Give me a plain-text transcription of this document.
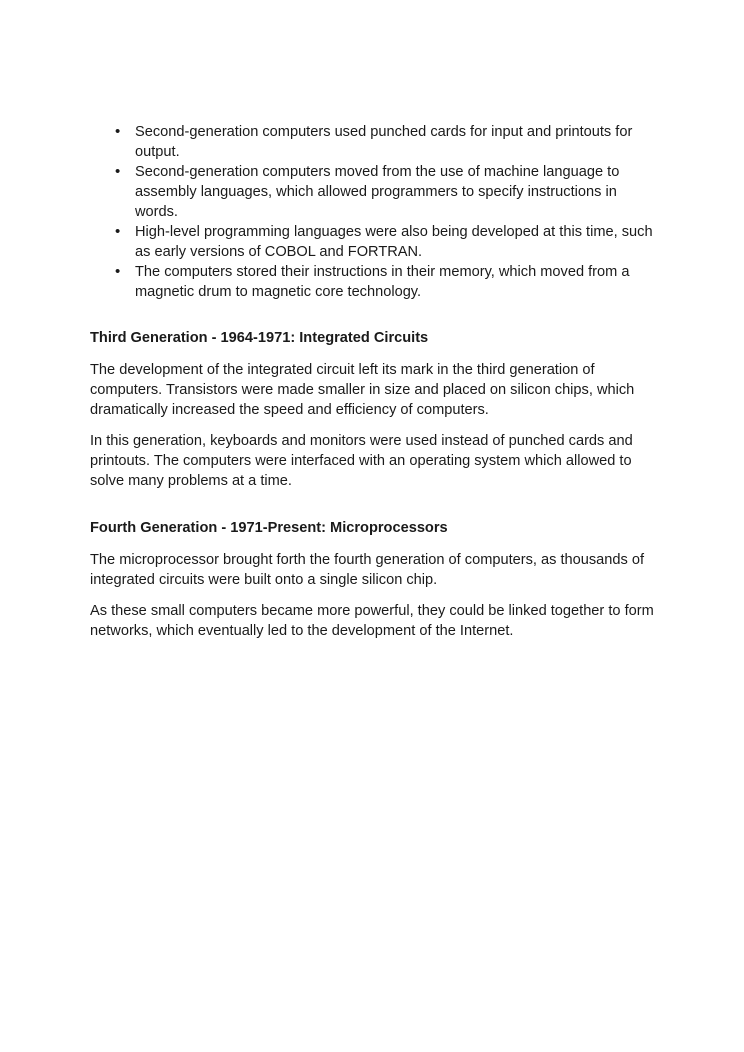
• Second-generation computers used punched cards for input and printouts for output.
• Second-generation computers moved from the use of machine language to assembly languages, which allowed programmers to specify instructions in words.
• High-level programming languages were also being developed at this time, such as early versions of COBOL and FORTRAN.
• The computers stored their instructions in their memory, which moved from a magnetic drum to magnetic core technology.
Third Generation - 1964-1971: Integrated Circuits

The development of the integrated circuit left its mark in the third generation of computers. Transistors were made smaller in size and placed on silicon chips, which dramatically increased the speed and efficiency of computers.

In this generation, keyboards and monitors were used instead of punched cards and printouts. The computers were interfaced with an operating system which allowed to solve many problems at a time.

Fourth Generation - 1971-Present: Microprocessors

The microprocessor brought forth the fourth generation of computers, as thousands of integrated circuits were built onto a single silicon chip.

As these small computers became more powerful, they could be linked together to form networks, which eventually led to the development of the Internet.
